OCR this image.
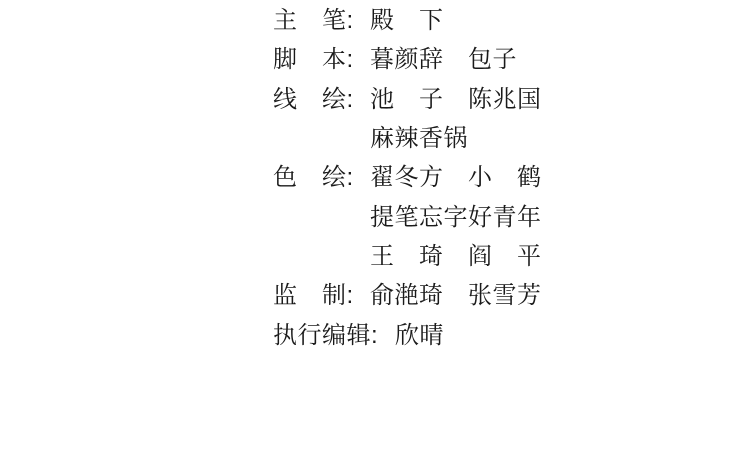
主　笔:

殿　下

脚　本:

暮颜辞　包子

线　绘:

池　子　陈兆国

麻辣香锅

色　绘:

翟冬方　小　鹤

提笔忘字好青年

王　琦　阎　平

监　制:

俞滟琦　张雪芳

执行编辑:

欣晴
